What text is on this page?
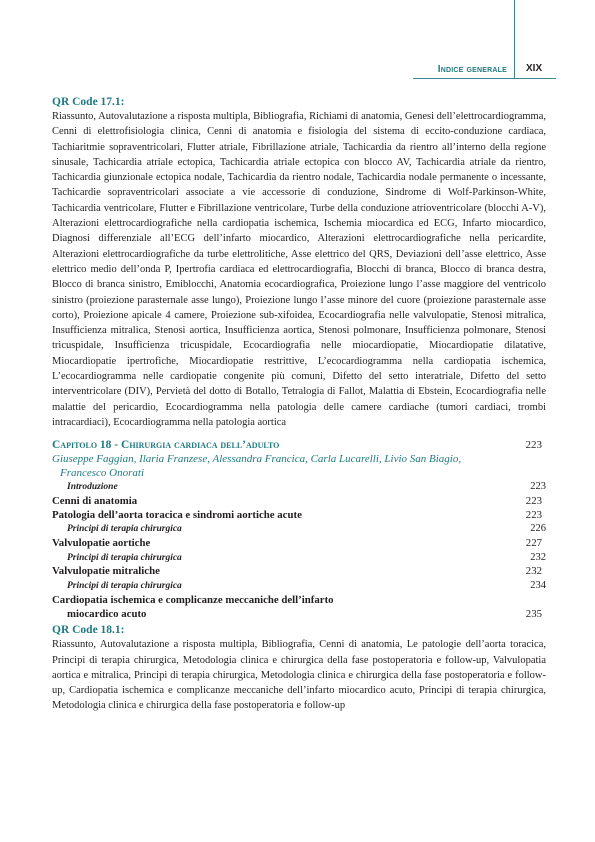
Indice generale XIX

QR Code 17.1:

Riassunto, Autovalutazione a risposta multipla, Bibliografia, Richiami di anatomia, Genesi dell’elettrocardiogramma, Cenni di elettrofisiologia clinica, Cenni di anatomia e fisiologia del sistema di eccito-conduzione cardiaca, Tachiaritmie sopraventricolari, Flutter atriale, Fibrillazione atriale, Tachicardia da rientro all’interno della regione sinusale, Tachicardia atriale ectopica, Tachicardia atriale ectopica con blocco AV, Tachicardia atriale da rientro, Tachicardia giunzionale ectopica nodale, Tachicardia da rientro nodale, Tachicardia nodale permanente o incessante, Tachicardie sopraventricolari associate a vie accessorie di conduzione, Sindrome di Wolf-Parkinson-White, Tachicardia ventricolare, Flutter e Fibrillazione ventricolare, Turbe della conduzione atrioventricolare (blocchi A-V), Alterazioni elettrocardiografiche nella cardiopatia ischemica, Ischemia miocardica ed ECG, Infarto miocardico, Diagnosi differenziale all’ECG dell’infarto miocardico, Alterazioni elettrocardiografiche nella pericardite, Alterazioni elettrocardiografiche da turbe elettrolitiche, Asse elettrico del QRS, Deviazioni dell’asse elettrico, Asse elettrico medio dell’onda P, Ipertrofia cardiaca ed elettrocardiografia, Blocchi di branca, Blocco di branca destra, Blocco di branca sinistro, Emiblocchi, Anatomia ecocardiografica, Proiezione lungo l’asse maggiore del ventricolo sinistro (proiezione parasternale asse lungo), Proiezione lungo l’asse minore del cuore (proiezione parasternale asse corto), Proiezione apicale 4 camere, Proiezione sub-xifoidea, Ecocardiografia nelle valvulopatie, Stenosi mitralica, Insufficienza mitralica, Stenosi aortica, Insufficienza aortica, Stenosi polmonare, Insufficienza polmonare, Stenosi tricuspidale, Insufficienza tricuspidale, Ecocardiografia nelle miocardiopatie, Miocardiopatie dilatative, Miocardiopatie ipertrofiche, Miocardiopatie restrittive, L’ecocardiogramma nella cardiopatia ischemica, L’ecocardiogramma nelle cardiopatie congenite più comuni, Difetto del setto interatriale, Difetto del setto interventricolare (DIV), Pervietà del dotto di Botallo, Tetralogia di Fallot, Malattia di Ebstein, Ecocardiografia nelle malattie del pericardio, Ecocardiogramma nella patologia delle camere cardiache (tumori cardiaci, trombi intracardiaci), Ecocardiogramma nella patologia aortica

Capitolo 18 - Chirurgia cardiaca dell’adulto	223

Giuseppe Faggian, Ilaria Franzese, Alessandra Francica, Carla Lucarelli, Livio San Biagio,
Francesco Onorati

Introduzione	223
Cenni di anatomia	223
Patologia dell’aorta toracica e sindromi aortiche acute	223
Principi di terapia chirurgica	226
Valvulopatie aortiche	227
Principi di terapia chirurgica	232
Valvulopatie mitraliche	232
Principi di terapia chirurgica	234
Cardiopatia ischemica e complicanze meccaniche dell’infarto
miocardico acuto	235

QR Code 18.1:

Riassunto, Autovalutazione a risposta multipla, Bibliografia, Cenni di anatomia, Le patologie dell’aorta toracica, Principi di terapia chirurgica, Metodologia clinica e chirurgica della fase postoperatoria e follow-up, Valvulopatia aortica e mitralica, Principi di terapia chirurgica, Metodologia clinica e chirurgica della fase postoperatoria e follow-up, Cardiopatia ischemica e complicanze meccaniche dell’infarto miocardico acuto, Principi di terapia chirurgica, Metodologia clinica e chirurgica della fase postoperatoria e follow-up
